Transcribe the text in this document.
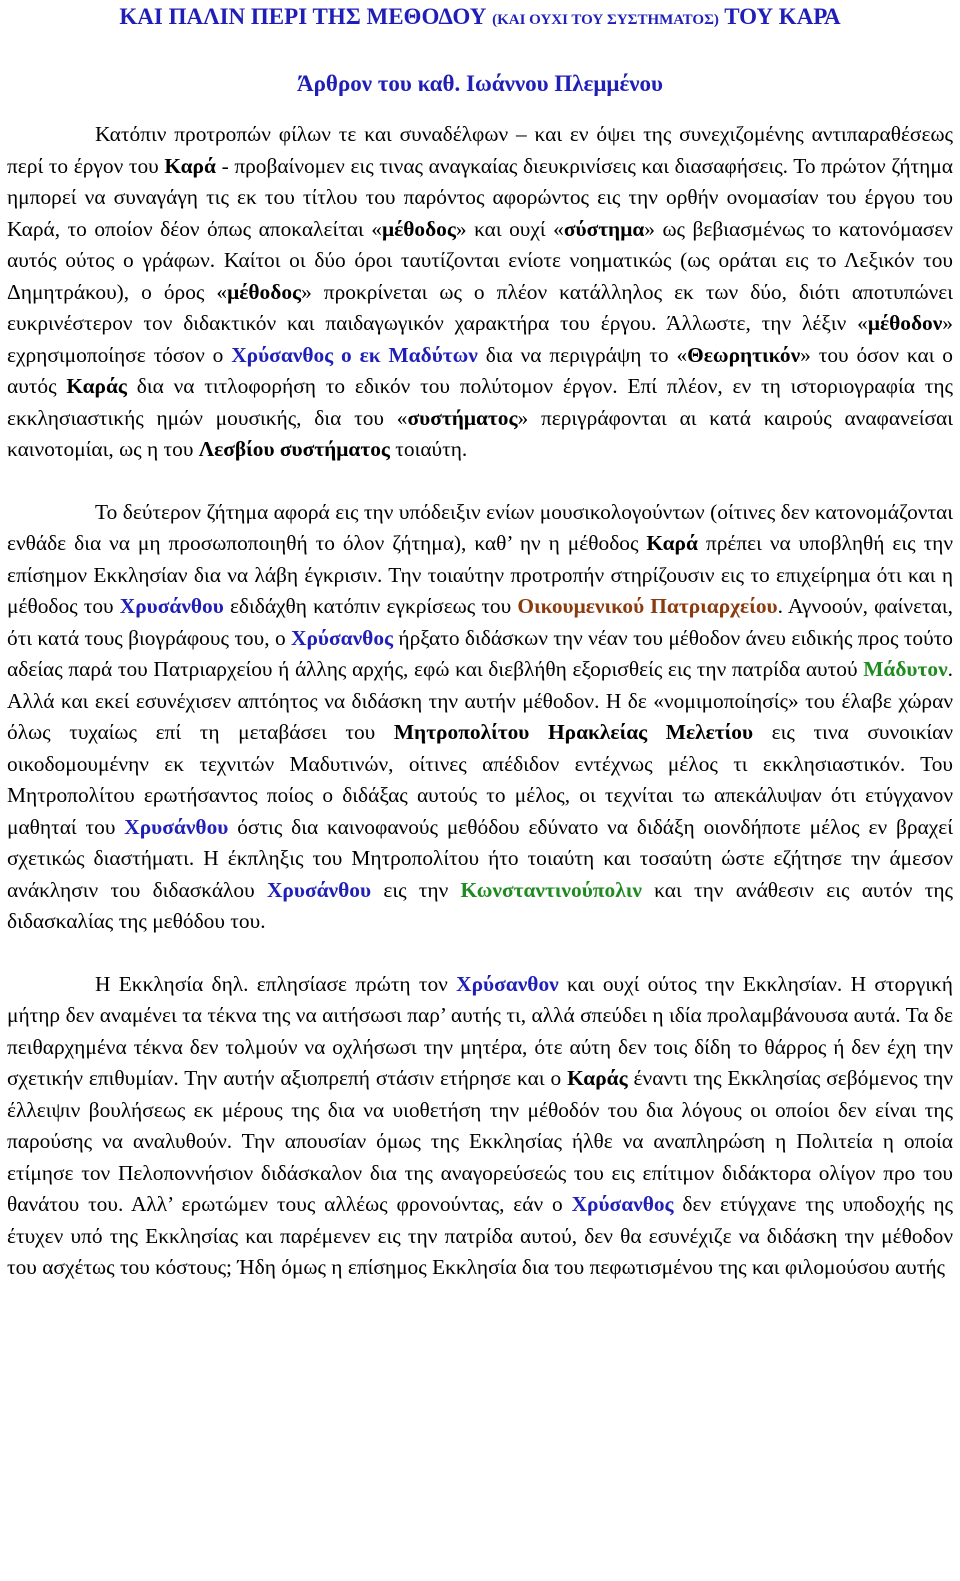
ΚΑΙ ΠΑΛΙΝ ΠΕΡΙ ΤΗΣ ΜΕΘΟΔΟΥ (ΚΑΙ ΟΥΧΙ ΤΟΥ ΣΥΣΤΗΜΑΤΟΣ) ΤΟΥ ΚΑΡΑ
Άρθρον του καθ. Ιωάννου Πλεμμένου

Κατόπιν προτροπών φίλων τε και συναδέλφων – και εν όψει της συνεχιζομένης αντιπαραθέσεως περί το έργον του Καρά - προβαίνομεν εις τινας αναγκαίας διευκρινίσεις και διασαφήσεις. Το πρώτον ζήτημα ημπορεί να συναγάγη τις εκ του τίτλου του παρόντος αφορώντος εις την ορθήν ονομασίαν του έργου του Καρά, το οποίον δέον όπως αποκαλείται «μέθοδος» και ουχί «σύστημα» ως βεβιασμένως το κατονόμασεν αυτός ούτος ο γράφων. Καίτοι οι δύο όροι ταυτίζονται ενίοτε νοηματικώς (ως οράται εις το Λεξικόν του Δημητράκου), ο όρος «μέθοδος» προκρίνεται ως ο πλέον κατάλληλος εκ των δύο, διότι αποτυπώνει ευκρινέστερον τον διδακτικόν και παιδαγωγικόν χαρακτήρα του έργου. Άλλωστε, την λέξιν «μέθοδον» εχρησιμοποίησε τόσον ο Χρύσανθος ο εκ Μαδύτων δια να περιγράψη το «Θεωρητικόν» του όσον και ο αυτός Καράς δια να τιτλοφορήση το εδικόν του πολύτομον έργον. Επί πλέον, εν τη ιστοριογραφία της εκκλησιαστικής ημών μουσικής, δια του «συστήματος» περιγράφονται αι κατά καιρούς αναφανείσαι καινοτομίαι, ως η του Λεσβίου συστήματος τοιαύτη.

Το δεύτερον ζήτημα αφορά εις την υπόδειξιν ενίων μουσικολογούντων (οίτινες δεν κατονομάζονται ενθάδε δια να μη προσωποποιηθή το όλον ζήτημα), καθ’ ην η μέθοδος Καρά πρέπει να υποβληθή εις την επίσημον Εκκλησίαν δια να λάβη έγκρισιν. Την τοιαύτην προτροπήν στηρίζουσιν εις το επιχείρημα ότι και η μέθοδος του Χρυσάνθου εδιδάχθη κατόπιν εγκρίσεως του Οικουμενικού Πατριαρχείου. Αγνοούν, φαίνεται, ότι κατά τους βιογράφους του, ο Χρύσανθος ήρξατο διδάσκων την νέαν του μέθοδον άνευ ειδικής προς τούτο αδείας παρά του Πατριαρχείου ή άλλης αρχής, εφώ και διεβλήθη εξορισθείς εις την πατρίδα αυτού Μάδυτον. Αλλά και εκεί εσυνέχισεν απτόητος να διδάσκη την αυτήν μέθοδον. Η δε «νομιμοποίησίς» του έλαβε χώραν όλως τυχαίως επί τη μεταβάσει του Μητροπολίτου Ηρακλείας Μελετίου εις τινα συνοικίαν οικοδομουμένην εκ τεχνιτών Μαδυτινών, οίτινες απέδιδον εντέχνως μέλος τι εκκλησιαστικόν. Του Μητροπολίτου ερωτήσαντος ποίος ο διδάξας αυτούς το μέλος, οι τεχνίται τω απεκάλυψαν ότι ετύγχανον μαθηταί του Χρυσάνθου όστις δια καινοφανούς μεθόδου εδύνατο να διδάξη οιονδήποτε μέλος εν βραχεί σχετικώς διαστήματι. Η έκπληξις του Μητροπολίτου ήτο τοιαύτη και τοσαύτη ώστε εζήτησε την άμεσον ανάκλησιν του διδασκάλου Χρυσάνθου εις την Κωνσταντινούπολιν και την ανάθεσιν εις αυτόν της διδασκαλίας της μεθόδου του.

Η Εκκλησία δηλ. επλησίασε πρώτη τον Χρύσανθον και ουχί ούτος την Εκκλησίαν. Η στοργική μήτηρ δεν αναμένει τα τέκνα της να αιτήσωσι παρ’ αυτής τι, αλλά σπεύδει η ιδία προλαμβάνουσα αυτά. Τα δε πειθαρχημένα τέκνα δεν τολμούν να οχλήσωσι την μητέρα, ότε αύτη δεν τοις δίδη το θάρρος ή δεν έχη την σχετικήν επιθυμίαν. Την αυτήν αξιοπρεπή στάσιν ετήρησε και ο Καράς έναντι της Εκκλησίας σεβόμενος την έλλειψιν βουλήσεως εκ μέρους της δια να υιοθετήση την μέθοδόν του δια λόγους οι οποίοι δεν είναι της παρούσης να αναλυθούν. Την απουσίαν όμως της Εκκλησίας ήλθε να αναπληρώση η Πολιτεία η οποία ετίμησε τον Πελοποννήσιον διδάσκαλον δια της αναγορεύσεώς του εις επίτιμον διδάκτορα ολίγον προ του θανάτου του. Αλλ’ ερωτώμεν τους αλλέως φρονούντας, εάν ο Χρύσανθος δεν ετύγχανε της υποδοχής ης έτυχεν υπό της Εκκλησίας και παρέμενεν εις την πατρίδα αυτού, δεν θα εσυνέχιζε να διδάσκη την μέθοδον του ασχέτως του κόστους; Ήδη όμως η επίσημος Εκκλησία δια του πεφωτισμένου της και φιλομούσου αυτής
